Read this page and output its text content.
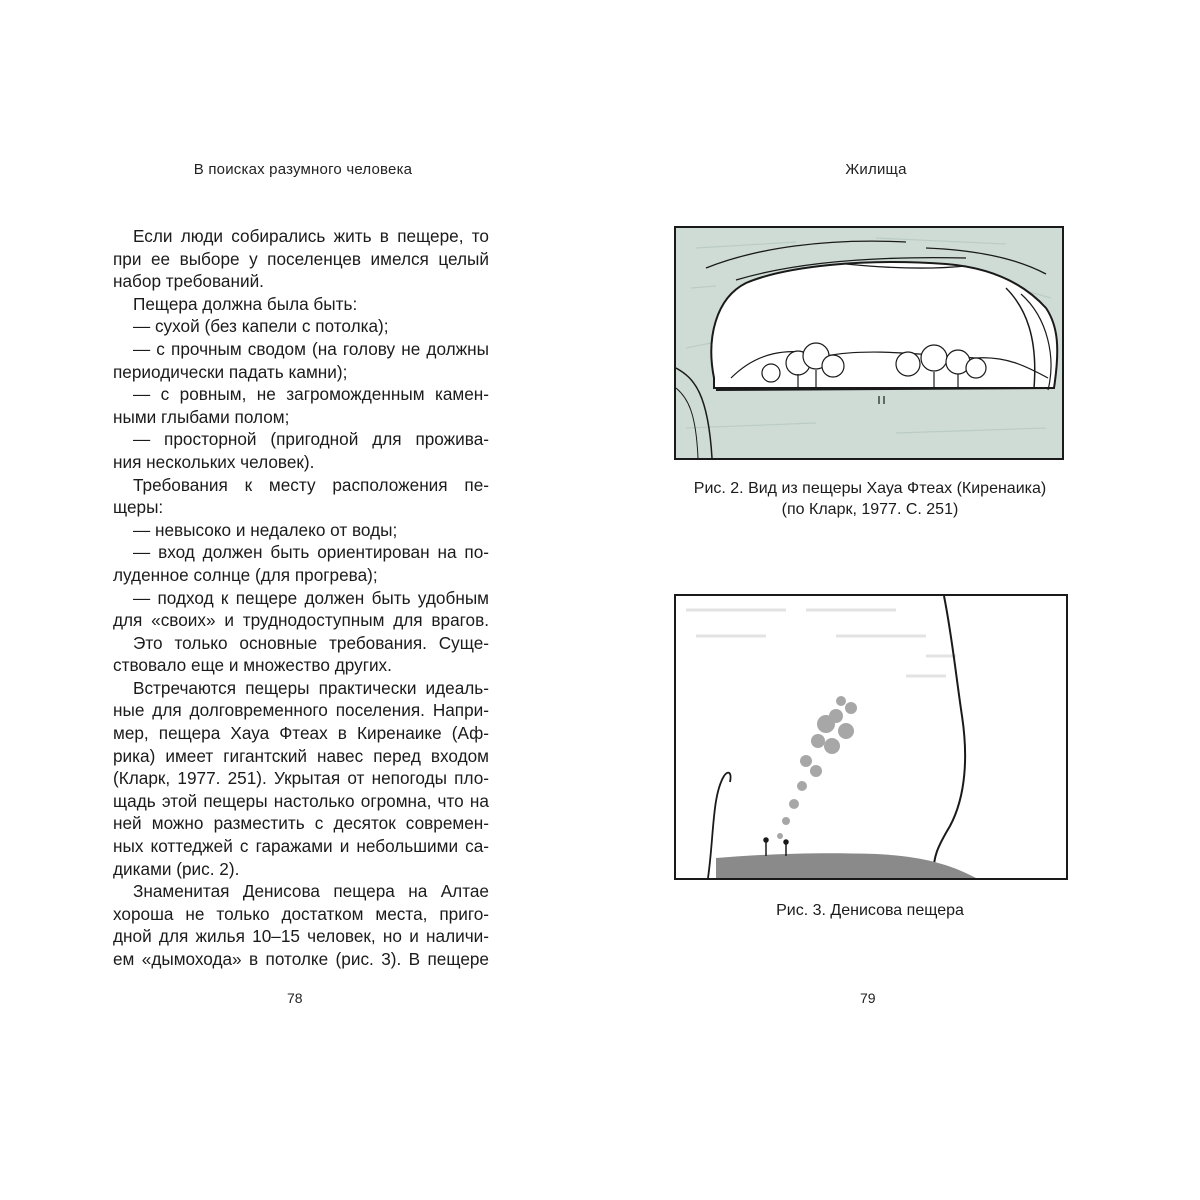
В поисках разумного человека
Если люди собирались жить в пещере, то
при ее выборе у поселенцев имелся целый
набор требований.
Пещера должна была быть:
— сухой (без капели с потолка);
— с прочным сводом (на голову не должны
периодически падать камни);
— с ровным, не загроможденным камен-
ными глыбами полом;
— просторной (пригодной для прожива-
ния нескольких человек).
Требования к месту расположения пе-
щеры:
— невысоко и недалеко от воды;
— вход должен быть ориентирован на по-
луденное солнце (для прогрева);
— подход к пещере должен быть удобным
для «своих» и труднодоступным для врагов.
Это только основные требования. Суще-
ствовало еще и множество других.
Встречаются пещеры практически идеаль-
ные для долговременного поселения. Напри-
мер, пещера Хауа Фтеах в Киренаике (Аф-
рика) имеет гигантский навес перед входом
(Кларк, 1977. 251). Укрытая от непогоды пло-
щадь этой пещеры настолько огромна, что на
ней можно разместить с десяток современ-
ных коттеджей с гаражами и небольшими са-
диками (рис. 2).
Знаменитая Денисова пещера на Алтае
хороша не только достатком места, приго-
дной для жилья 10–15 человек, но и наличи-
ем «дымохода» в потолке (рис. 3). В пещере
78
Жилища
Рис. 2. Вид из пещеры Хауа Фтеах (Киренаика)
(по Кларк, 1977. С. 251)
Рис. 3. Денисова пещера
79
